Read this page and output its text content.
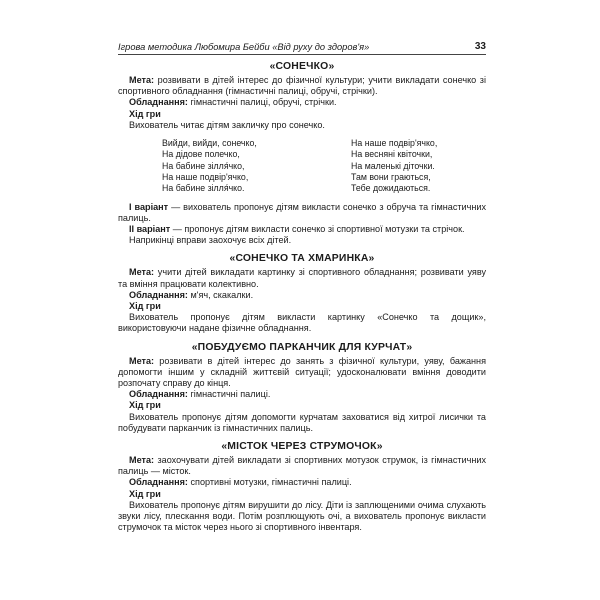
Ігрова методика Любомира Бейби «Від руху до здоров'я»	33
«СОНЕЧКО»

Мета: розвивати в дітей інтерес до фізичної культури; учити викладати сонечко зі спортивного обладнання (гімнастичні палиці, обручі, стрічки).

Обладнання: гімнастичні палиці, обручі, стрічки.

Хід гри

Вихователь читає дітям закличку про сонечко.

Вийди, вийди, сонечко,
На дідове полечко,
На бабине зілля́чко,
На наше подвір'ячко,
На бабине зілля́чко.
На наше подвір'ячко,
На весняні квіточки,
На маленькі діточки.
Там вони граються,
Тебе дожидаються.

І варіант — вихователь пропонує дітям викласти сонечко з обруча та гімнастичних палиць.

ІІ варіант — пропонує дітям викласти сонечко зі спортивної мотузки та стрічок.

Наприкінці вправи заохочує всіх дітей.

«СОНЕЧКО ТА ХМАРИНКА»

Мета: учити дітей викладати картинку зі спортивного обладнання; розвивати уяву та вміння працювати колективно.

Обладнання: м'яч, скакалки.

Хід гри

Вихователь пропонує дітям викласти картинку «Сонечко та дощик», використовуючи надане фізичне обладнання.

«ПОБУДУЄМО ПАРКАНЧИК ДЛЯ КУРЧАТ»

Мета: розвивати в дітей інтерес до занять з фізичної культури, уяву, бажання допомогти іншим у складній життєвій ситуації; удосконалювати вміння доводити розпочату справу до кінця.

Обладнання: гімнастичні палиці.

Хід гри

Вихователь пропонує дітям допомогти курчатам заховатися від хитрої лисички та побудувати парканчик із гімнастичних палиць.

«МІСТОК ЧЕРЕЗ СТРУМОЧОК»

Мета: заохочувати дітей викладати зі спортивних мотузок струмок, із гімнастичних палиць — місток.

Обладнання: спортивні мотузки, гімнастичні палиці.

Хід гри

Вихователь пропонує дітям вирушити до лісу. Діти із заплющеними очима слухають звуки лісу, плескання води. Потім розплющують очі, а вихователь пропонує викласти струмочок та місток через нього зі спортивного інвентаря.
